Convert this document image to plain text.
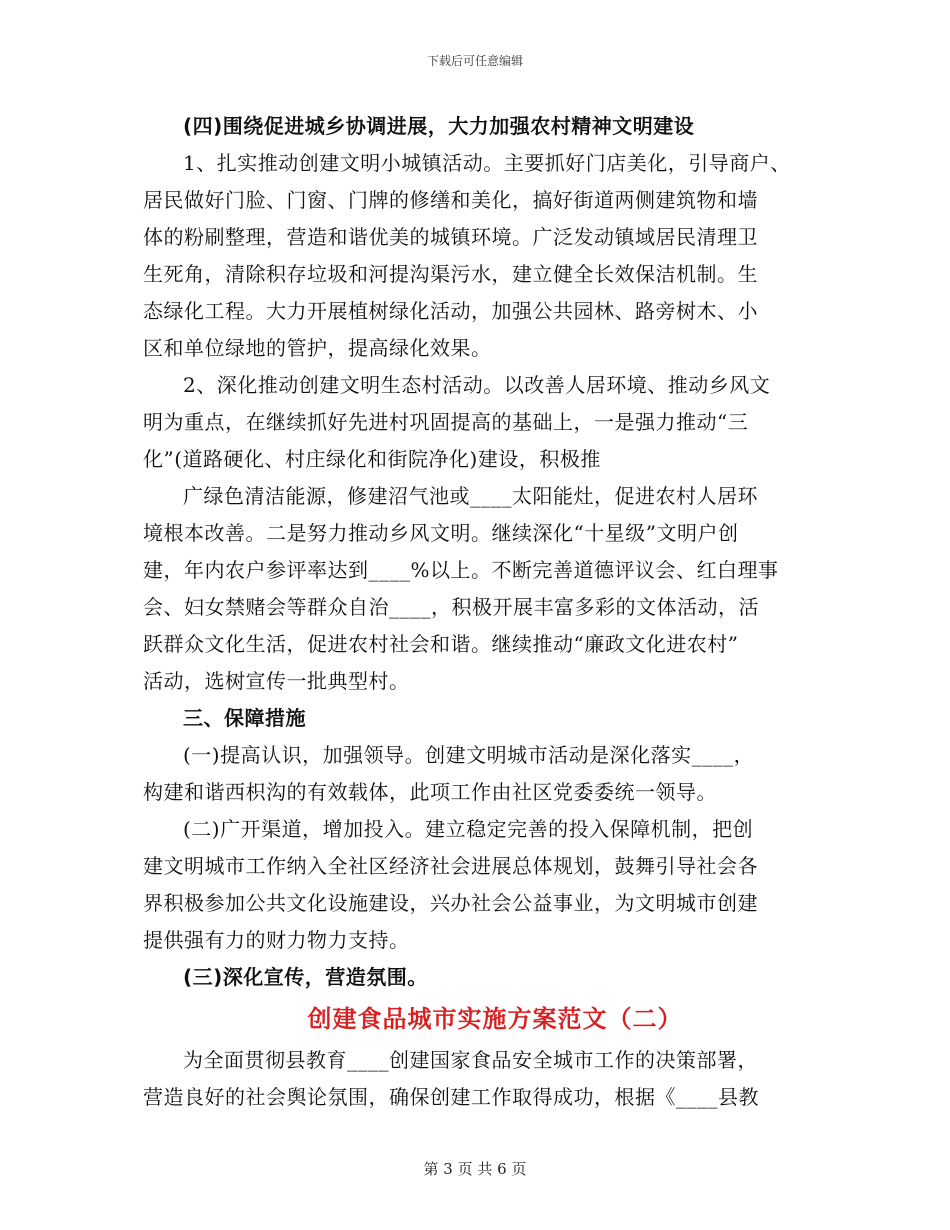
下载后可任意编辑
(四)围绕促进城乡协调进展，大力加强农村精神文明建设
1、扎实推动创建文明小城镇活动。主要抓好门店美化，引导商户、
居民做好门脸、门窗、门牌的修缮和美化，搞好街道两侧建筑物和墙
体的粉刷整理，营造和谐优美的城镇环境。广泛发动镇域居民清理卫
生死角，清除积存垃圾和河提沟渠污水，建立健全长效保洁机制。生
态绿化工程。大力开展植树绿化活动，加强公共园林、路旁树木、小
区和单位绿地的管护，提高绿化效果。
2、深化推动创建文明生态村活动。以改善人居环境、推动乡风文
明为重点，在继续抓好先进村巩固提高的基础上，一是强力推动“三
化”(道路硬化、村庄绿化和街院净化)建设，积极推
广绿色清洁能源，修建沼气池或____太阳能灶，促进农村人居环
境根本改善。二是努力推动乡风文明。继续深化“十星级”文明户创
建，年内农户参评率达到____%以上。不断完善道德评议会、红白理事
会、妇女禁赌会等群众自治____，积极开展丰富多彩的文体活动，活
跃群众文化生活，促进农村社会和谐。继续推动“廉政文化进农村”
活动，选树宣传一批典型村。
三、保障措施
(一)提高认识，加强领导。创建文明城市活动是深化落实____，
构建和谐西枳沟的有效载体，此项工作由社区党委委统一领导。
(二)广开渠道，增加投入。建立稳定完善的投入保障机制，把创
建文明城市工作纳入全社区经济社会进展总体规划，鼓舞引导社会各
界积极参加公共文化设施建设，兴办社会公益事业，为文明城市创建
提供强有力的财力物力支持。
(三)深化宣传，营造氛围。
创建食品城市实施方案范文（二）
为全面贯彻县教育____创建国家食品安全城市工作的决策部署，
营造良好的社会舆论氛围，确保创建工作取得成功，根据《____县教
第 3 页 共 6 页
